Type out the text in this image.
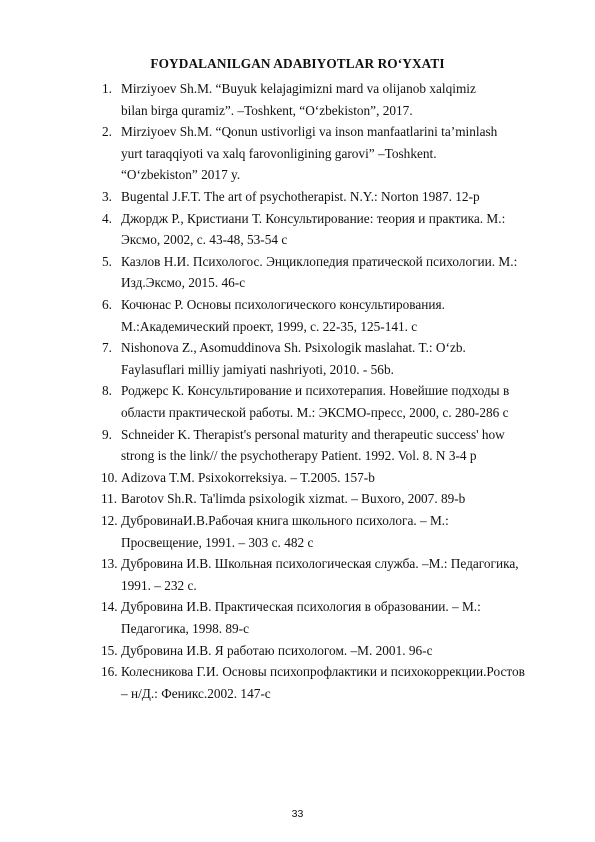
FOYDALANILGAN ADABIYOTLAR RO‘YXATI
1. Mirziyoev Sh.M. “Buyuk kelajagimizni mard va olijanob xalqimiz
bilan birga quramiz”. –Toshkent, “O‘zbekiston”, 2017.
2. Mirziyoev Sh.M. “Qonun ustivorligi va inson manfaatlarini ta’minlash
yurt taraqqiyoti va xalq farovonligining garovi” –Toshkent.
“O‘zbekiston” 2017 y.
3. Bugental J.F.T. The art of psychotherapist. N.Y.: Norton 1987. 12-p
4. Джордж Р., Кристиани Т. Консультирование: теория и практика. М.:
Эксмо, 2002, с. 43-48, 53-54 с
5. Казлов Н.И. Психологос. Энциклопедия пратической психологии. М.:
Изд.Эксмо, 2015. 46-с
6. Кочюнас Р. Основы психологического консультирования.
М.:Академический проект, 1999, с. 22-35, 125-141. с
7. Nishonova Z., Asomuddinova Sh. Psixologik maslahat. T.: O‘zb.
Faylasuflari milliy jamiyati nashriyoti, 2010. - 56b.
8. Роджерс К. Консультирование и психотерапия. Новейшие подходы в
области практической работы. М.: ЭКСМО-пресс, 2000, с. 280-286 с
9. Schneider K. Therapist's personal maturity and therapeutic success' how
strong is the link// the psychotherapy Patient. 1992. Vol. 8. N 3-4 p
10. Adizova T.M. Psixokorreksiya. – T.2005. 157-b
11. Barotov Sh.R. Ta'limda psixologik xizmat. – Buxoro, 2007. 89-b
12. ДубровинаИ.В.Рабочая книга школьного психолога. – М.:
Просвещение, 1991. – 303 с. 482 с
13. Дубровина И.В. Школьная психологическая служба. –М.: Педагогика,
1991. – 232 с.
14. Дубровина И.В. Практическая психология в образовании. – М.:
Педагогика, 1998. 89-с
15. Дубровина И.В. Я работаю психологом. –М. 2001. 96-с
16. Колесникова Г.И. Основы психопрофлактики и психокоррекции.Ростов
– н/Д.: Феникс.2002. 147-с
33
